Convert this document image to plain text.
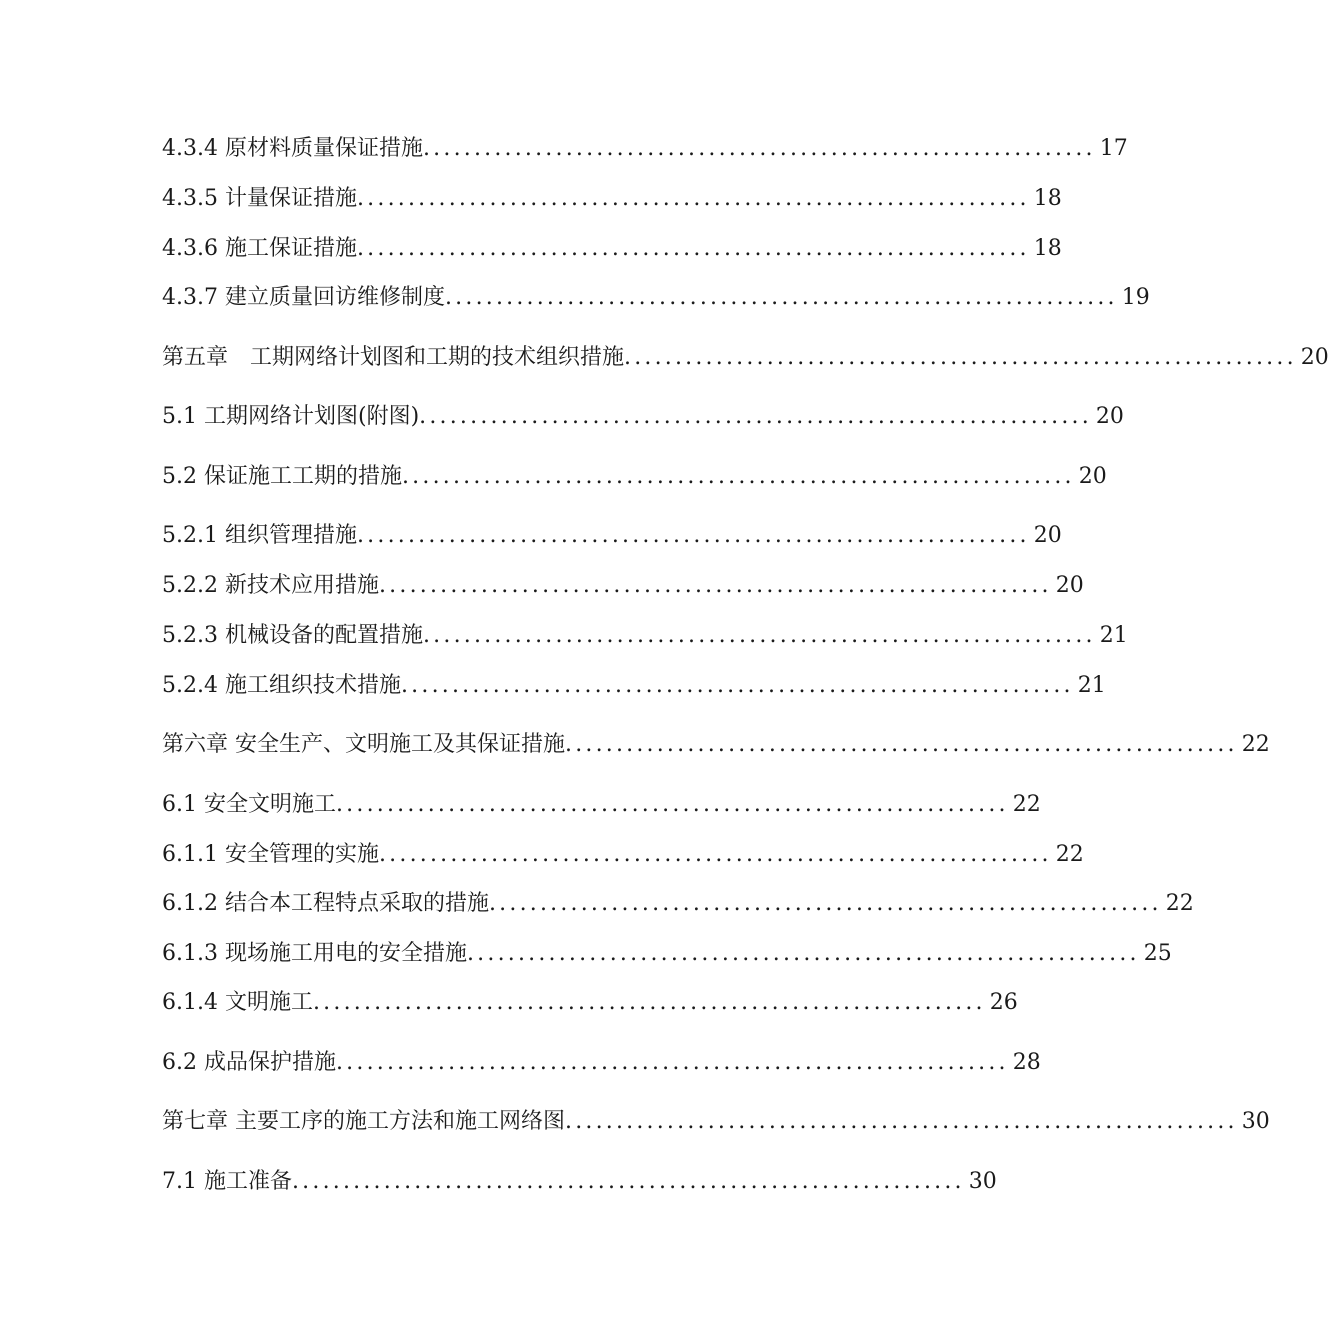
4.3.4 原材料质量保证措施 .................................................................. 17
4.3.5 计量保证措施 .................................................................. 18
4.3.6 施工保证措施 .................................................................. 18
4.3.7 建立质量回访维修制度 .................................................................. 19
第五章　工期网络计划图和工期的技术组织措施 .................................................................. 20
5.1 工期网络计划图(附图) .................................................................. 20
5.2 保证施工工期的措施 .................................................................. 20
5.2.1 组织管理措施 .................................................................. 20
5.2.2 新技术应用措施 .................................................................. 20
5.2.3 机械设备的配置措施 .................................................................. 21
5.2.4 施工组织技术措施 .................................................................. 21
第六章 安全生产、文明施工及其保证措施 .................................................................. 22
6.1 安全文明施工 .................................................................. 22
6.1.1 安全管理的实施 .................................................................. 22
6.1.2 结合本工程特点采取的措施 .................................................................. 22
6.1.3 现场施工用电的安全措施 .................................................................. 25
6.1.4 文明施工 .................................................................. 26
6.2 成品保护措施 .................................................................. 28
第七章 主要工序的施工方法和施工网络图 .................................................................. 30
7.1 施工准备 .................................................................. 30
